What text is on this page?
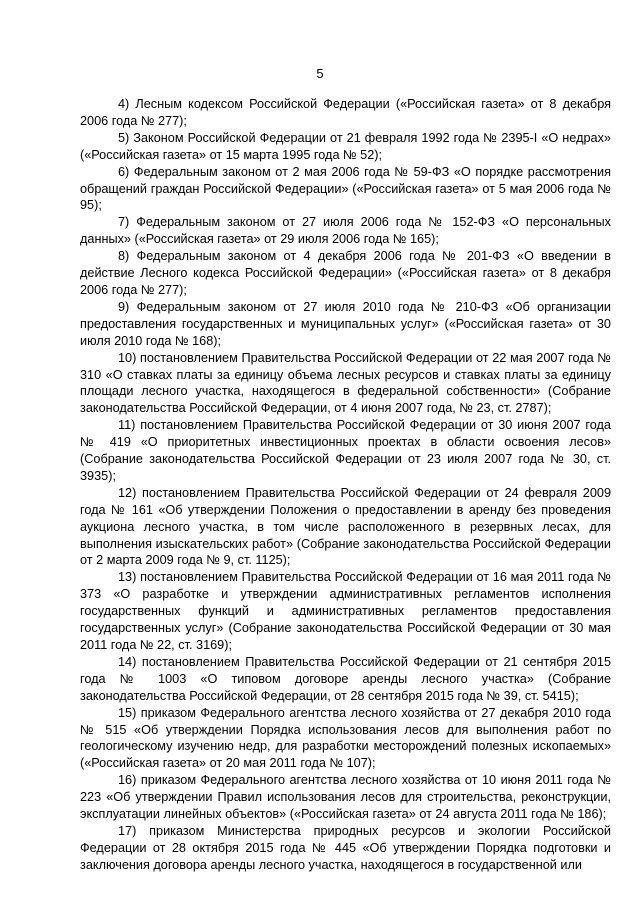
5

4) Лесным кодексом Российской Федерации («Российская газета» от 8 декабря 2006 года № 277);

5) Законом Российской Федерации от 21 февраля 1992 года № 2395-I «О недрах» («Российская газета» от 15 марта 1995 года № 52);

6) Федеральным законом от 2 мая 2006 года № 59-ФЗ «О порядке рассмотрения обращений граждан Российской Федерации» («Российская газета» от 5 мая 2006 года № 95);

7) Федеральным законом от 27 июля 2006 года № 152-ФЗ «О персональных данных» («Российская газета» от 29 июля 2006 года № 165);

8) Федеральным законом от 4 декабря 2006 года № 201-ФЗ «О введении в действие Лесного кодекса Российской Федерации» («Российская газета» от 8 декабря 2006 года № 277);

9) Федеральным законом от 27 июля 2010 года № 210-ФЗ «Об организации предоставления государственных и муниципальных услуг» («Российская газета» от 30 июля 2010 года № 168);

10) постановлением Правительства Российской Федерации от 22 мая 2007 года № 310 «О ставках платы за единицу объема лесных ресурсов и ставках платы за единицу площади лесного участка, находящегося в федеральной собственности» (Собрание законодательства Российской Федерации, от 4 июня 2007 года, № 23, ст. 2787);

11) постановлением Правительства Российской Федерации от 30 июня 2007 года № 419 «О приоритетных инвестиционных проектах в области освоения лесов» (Собрание законодательства Российской Федерации от 23 июля 2007 года № 30, ст. 3935);

12) постановлением Правительства Российской Федерации от 24 февраля 2009 года № 161 «Об утверждении Положения о предоставлении в аренду без проведения аукциона лесного участка, в том числе расположенного в резервных лесах, для выполнения изыскательских работ» (Собрание законодательства Российской Федерации от 2 марта 2009 года № 9, ст. 1125);

13) постановлением Правительства Российской Федерации от 16 мая 2011 года № 373 «О разработке и утверждении административных регламентов исполнения государственных функций и административных регламентов предоставления государственных услуг» (Собрание законодательства Российской Федерации от 30 мая 2011 года № 22, ст. 3169);

14) постановлением Правительства Российской Федерации от 21 сентября 2015 года № 1003 «О типовом договоре аренды лесного участка» (Собрание законодательства Российской Федерации, от 28 сентября 2015 года № 39, ст. 5415);

15) приказом Федерального агентства лесного хозяйства от 27 декабря 2010 года № 515 «Об утверждении Порядка использования лесов для выполнения работ по геологическому изучению недр, для разработки месторождений полезных ископаемых» («Российская газета» от 20 мая 2011 года № 107);

16) приказом Федерального агентства лесного хозяйства от 10 июня 2011 года № 223 «Об утверждении Правил использования лесов для строительства, реконструкции, эксплуатации линейных объектов» («Российская газета» от 24 августа 2011 года № 186);

17) приказом Министерства природных ресурсов и экологии Российской Федерации от 28 октября 2015 года № 445 «Об утверждении Порядка подготовки и заключения договора аренды лесного участка, находящегося в государственной или
